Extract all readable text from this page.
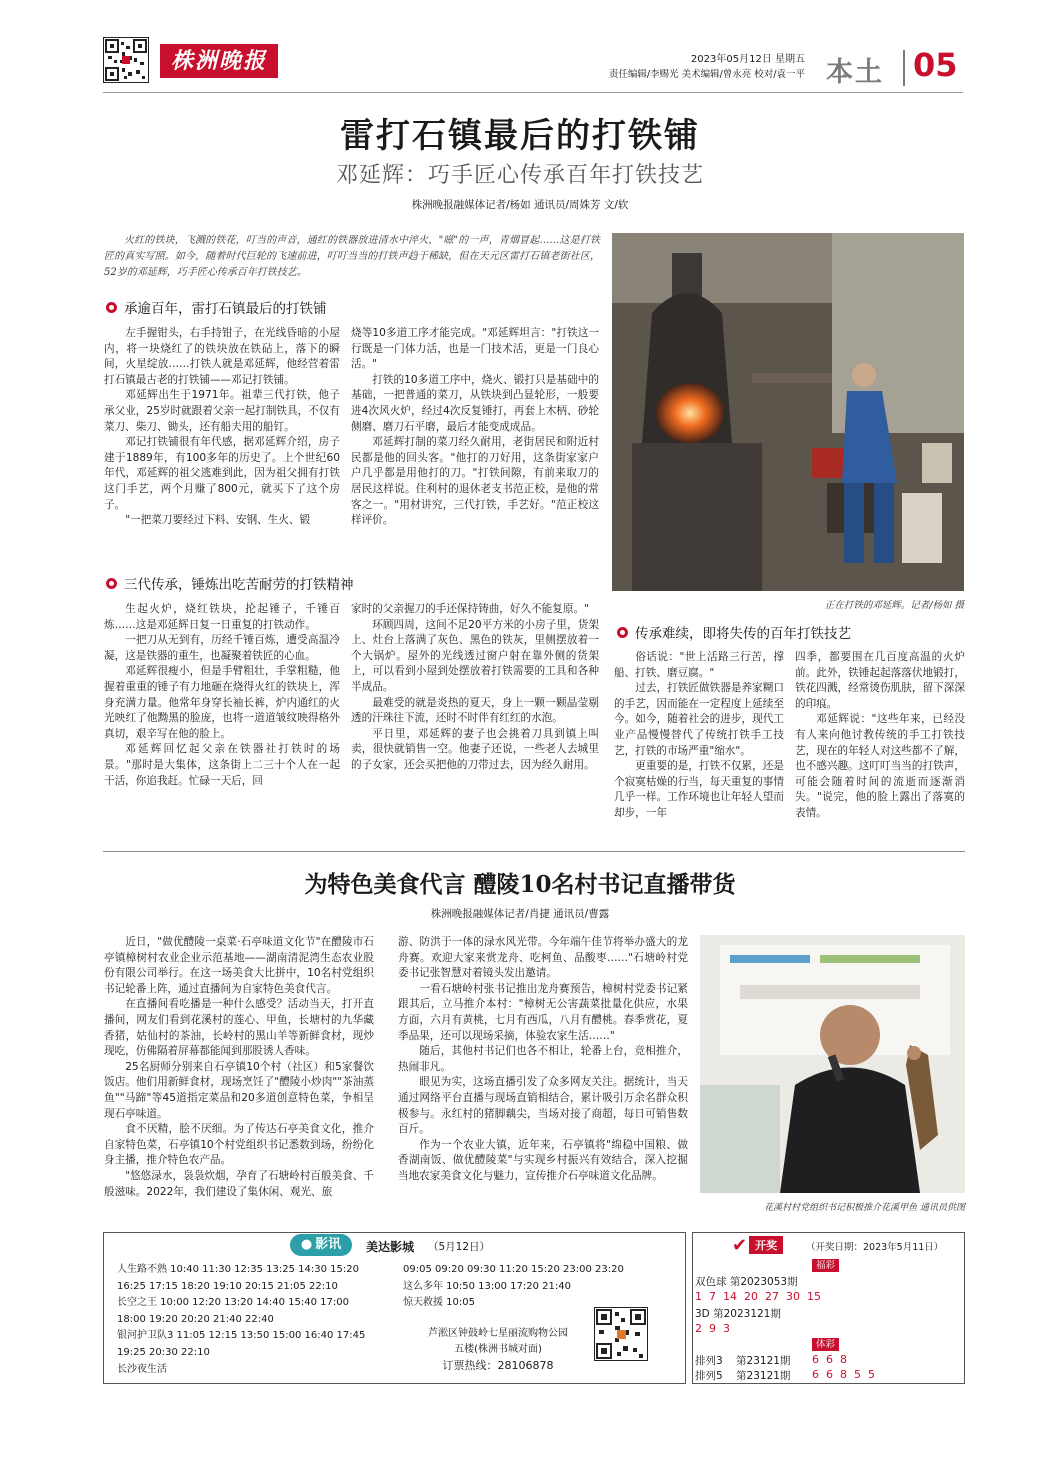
株洲晚报	2023年05月12日 星期五
责任编辑/李赐光 美术编辑/曾永亮 校对/袁一平 本土 05
雷打石镇最后的打铁铺
邓延辉：巧手匠心传承百年打铁技艺
株洲晚报融媒体记者/杨如 通讯员/周姝芳 文/软
火红的铁块，飞溅的铁花，叮当的声音，通红的铁器放进清水中淬火，"嗞"的一声，青烟冒起……这是打铁匠的真实写照。如今，随着时代巨轮的飞速前进，叮叮当当的打铁声趋于稀缺，但在天元区雷打石镇老街社区，52岁的邓延辉，巧手匠心传承百年打铁技艺。
正在打铁的邓延辉。记者/杨如 摄
承逾百年，雷打石镇最后的打铁铺

左手握钳头，右手持钳子，在光线昏暗的小屋内，将一块烧红了的铁块放在铁砧上，落下的瞬间，火星绽放……打铁人就是邓延辉，他经营着雷打石镇最古老的打铁铺——邓记打铁铺。

邓延辉出生于1971年。祖辈三代打铁，他子承父业，25岁时就跟着父亲一起打制铁具，不仅有菜刀、柴刀、锄头，还有船夫用的船钉。

邓记打铁铺很有年代感，据邓延辉介绍，房子建于1889年，有100多年的历史了。上个世纪60年代，邓延辉的祖父逃难到此，因为祖父拥有打铁这门手艺，两个月赚了800元，就买下了这个房子。

"一把菜刀要经过下料、安钢、生火、锻

烧等10多道工序才能完成。"邓延辉坦言："打铁这一行既是一门体力活，也是一门技术活，更是一门良心活。"

打铁的10多道工序中，烧火、锻打只是基础中的基础，一把普通的菜刀，从铁块到凸显轮形，一般要进4次风火炉，经过4次反复锤打，再套上木柄、砂轮侧磨、磨刀石平磨，最后才能变成成品。

邓延辉打制的菜刀经久耐用，老街居民和附近村民都是他的回头客。"他打的刀好用，这条街家家户户几乎都是用他打的刀。"打铁间隙，有前来取刀的居民这样说。住利村的退休老支书范正校，是他的常客之一。"用材讲究，三代打铁，手艺好。"范正校这样评价。

三代传承，锤炼出吃苦耐劳的打铁精神

生起火炉，烧红铁块，抡起锤子，千锤百炼……这是邓延辉日复一日重复的打铁动作。

一把刀从无到有，历经千锤百炼，遭受高温冷凝，这是铁器的重生，也凝聚着铁匠的心血。

邓延辉很瘦小，但是手臂粗壮，手掌粗糙，他握着重重的锤子有力地砸在烧得火红的铁块上，浑身充满力量。他常年身穿长袖长裤，炉内通红的火光映红了他黝黑的脸庞，也将一道道皱纹映得格外真切，艰辛写在他的脸上。

邓延辉回忆起父亲在铁器社打铁时的场景。"那时是大集体，这条街上二三十个人在一起干活，你追我赶。忙碌一天后，回

家时的父亲握刀的手还保持铸曲，好久不能复原。"

环顾四周，这间不足20平方米的小房子里，货架上、灶台上落满了灰色、黑色的铁灰，里侧摆放着一个大锅炉。屋外的光线透过窗户射在靠外侧的货架上，可以看到小屋到处摆放着打铁需要的工具和各种半成品。

最难受的就是炎热的夏天，身上一颗一颗晶莹剔透的汗珠往下流，还时不时伴有红红的水泡。

平日里，邓延辉的妻子也会挑着刀具到镇上叫卖，很快就销售一空。他妻子还说，一些老人去城里的子女家，还会买把他的刀带过去，因为经久耐用。

传承难续，即将失传的百年打铁技艺

俗话说："世上活路三行苦，撑船、打铁、磨豆腐。"

过去，打铁匠做铁器是养家糊口的手艺，因而能在一定程度上延续至今。如今，随着社会的进步，现代工业产品慢慢替代了传统打铁手工技艺，打铁的市场严重"缩水"。

更重要的是，打铁不仅累，还是个寂寞枯燥的行当，每天重复的事情几乎一样。工作环境也让年轻人望而却步，一年

四季，都要围在几百度高温的火炉前。此外，铁锤起起落落伏地锻打，铁花四溅，经常烫伤肌肤，留下深深的印痕。

邓延辉说："这些年来，已经没有人来向他讨教传统的手工打铁技艺，现在的年轻人对这些都不了解，也不感兴趣。这叮叮当当的打铁声，可能会随着时间的流逝而逐渐消失。"说完，他的脸上露出了落寞的表情。

为特色美食代言 醴陵10名村书记直播带货
株洲晚报融媒体记者/肖捷 通讯员/曹露

近日，"做优醴陵一桌菜·石亭味道文化节"在醴陵市石亭镇樟树村农业企业示范基地——湖南清泥湾生态农业股份有限公司举行。在这一场美食大比拼中，10名村党组织书记轮番上阵，通过直播间为自家特色美食代言。

在直播间看吃播是一种什么感受？活动当天，打开直播间，网友们看到花溪村的莲心、甲鱼，长塘村的九华藏香猪，姑仙村的茶油，长岭村的黑山羊等新鲜食材，现炒现吃，仿佛隔着屏幕都能闻到那股诱人香味。

25名厨师分别来自石亭镇10个村（社区）和5家餐饮饭店。他们用新鲜食材，现场烹饪了"醴陵小炒肉""茶油蒸鱼""马蹄"等45道指定菜品和20多道创意特色菜，争相呈现石亭味道。

食不厌精，脍不厌细。为了传达石亭美食文化，推介自家特色菜，石亭镇10个村党组织书记悉数到场，纷纷化身主播，推介特色农产品。

"悠悠渌水，袅袅炊烟，孕育了石塘岭村百般美食、千般滋味。2022年，我们建设了集休闲、观光、旅

游、防洪于一体的渌水风光带。今年端午佳节将举办盛大的龙舟赛。欢迎大家来赏龙舟、吃柯鱼、品酸枣……"石塘岭村党委书记张智慧对着镜头发出邀请。

一看石塘岭村张书记推出龙舟赛预告，樟树村党委书记紧跟其后，立马推介本村："樟树无公害蔬菜批量化供应，水果方面，六月有黄桃，七月有西瓜，八月有醴桃。春季赏花，夏季品果，还可以现场采摘，体验农家生活……"

随后，其他村书记们也各不相让，轮番上台，竞相推介，热闹非凡。

眼见为实，这场直播引发了众多网友关注。据统计，当天通过网络平台直播与现场直销相结合，累计吸引万余名群众积极参与。永红村的猪脚藕尖，当场对接了商超，每日可销售数百斤。

作为一个农业大镇，近年来，石亭镇将"绵稳中国粮、做香湖南饭、做优醴陵菜"与实现乡村振兴有效结合，深入挖掘当地农家美食文化与魅力，宣传推介石亭味道文化品牌。

花溪村村党组织书记积极推介花溪甲鱼 通讯员供图
● 影讯 美达影城 （5月12日）
人生路不熟 10:40 11:30 12:35 13:25 14:30 15:20
16:25 17:15 18:20 19:10 20:15 21:05 22:10
长空之王 10:00 12:20 13:20 14:40 15:40 17:00
18:00 19:20 20:20 21:40 22:40
银河护卫队3 11:05 12:15 13:50 15:00 16:40 17:45
19:25 20:30 22:10
长沙夜生活
09:05 09:20 09:30 11:20 15:20 23:00 23:20
这么多年 10:50 13:00 17:20 21:40
惊天救援 10:05
芦淞区钟鼓岭七星丽流购物公园
五楼(株洲书城对面)
订票热线：28106878
✔ 开奖	（开奖日期：2023年5月11日）
福彩
双色球 第2023053期
1  7  14  20  27  30  15
3D 第2023121期
2  9  3
体彩
排列3    第23121期 6  6  8
排列5    第23121期 6  6  8  5  5
